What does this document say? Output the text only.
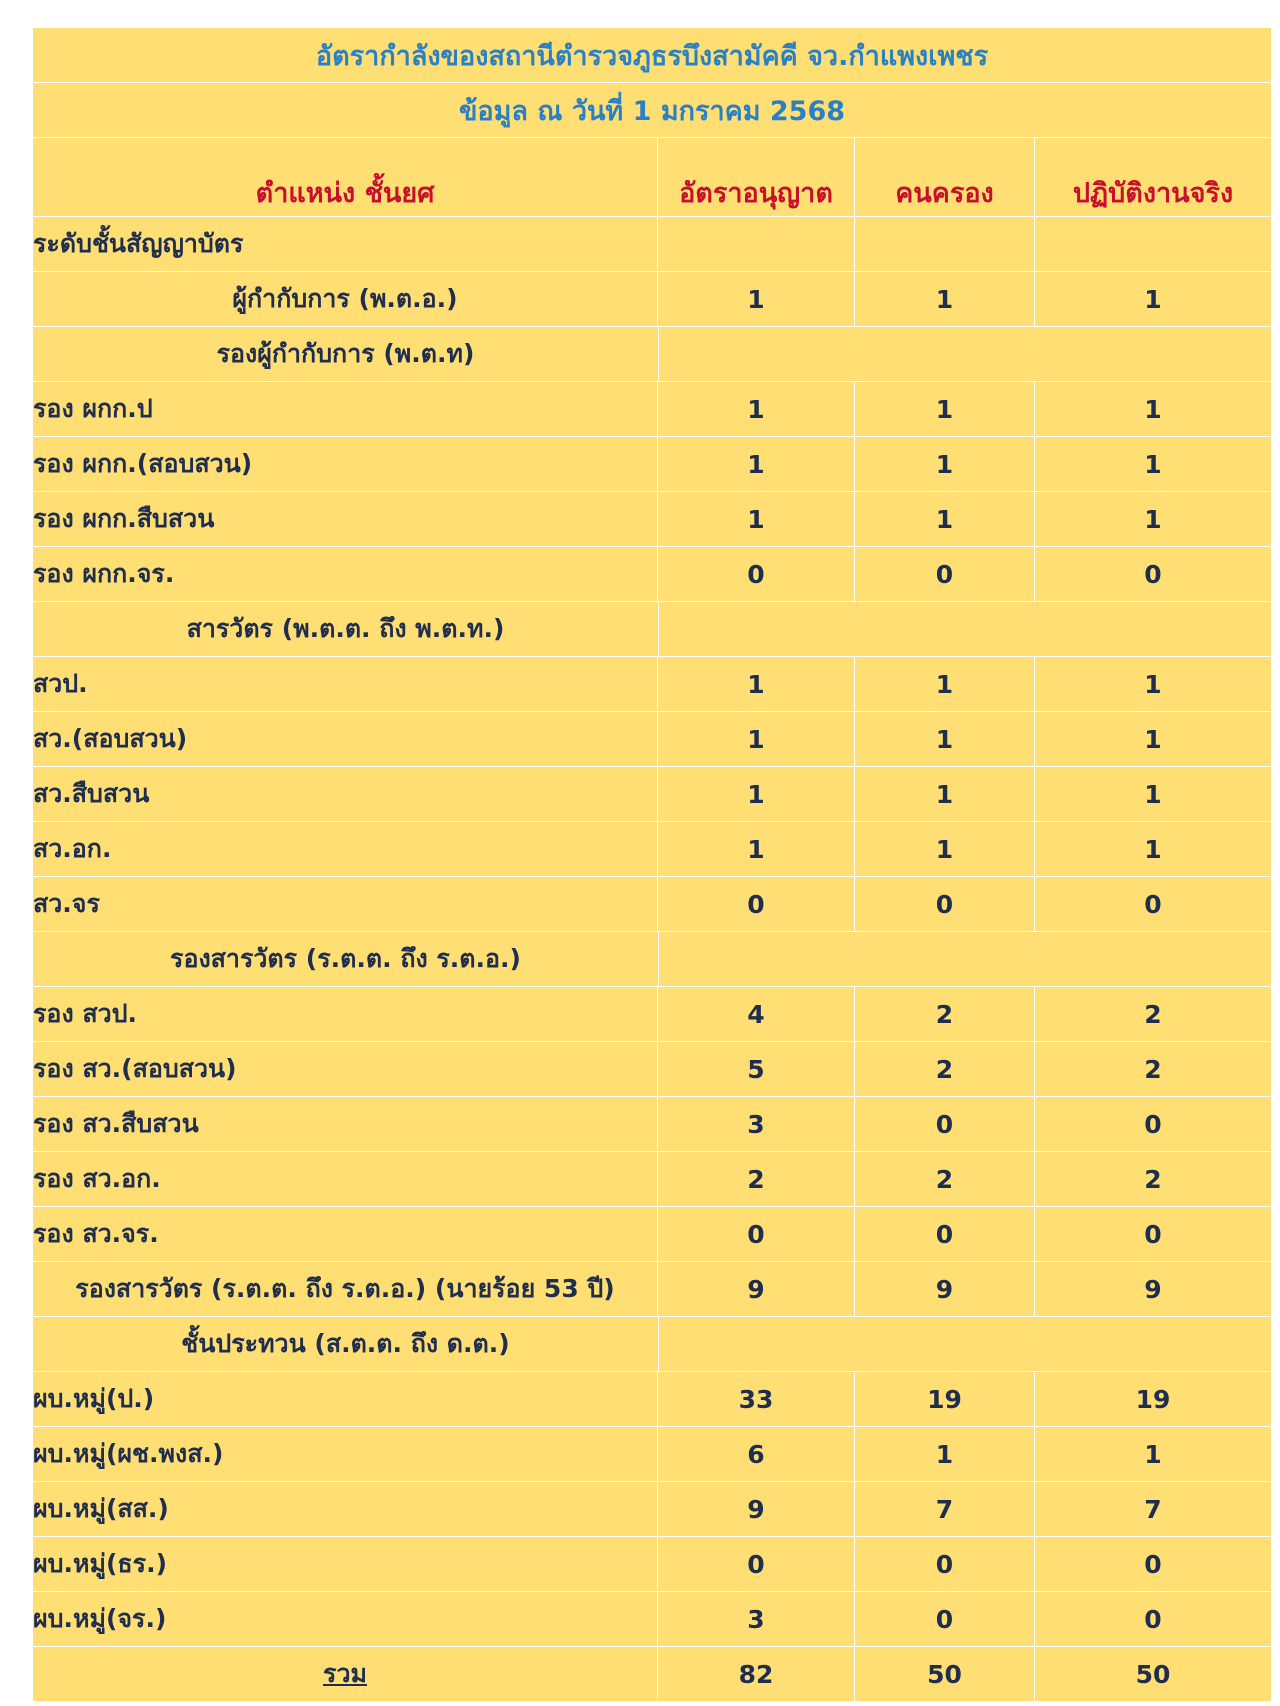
อัตรากำลังของสถานีตำรวจภูธรบึงสามัคคี จว.กำแพงเพชร
ข้อมูล ณ วันที่ 1 มกราคม 2568
ตำแหน่ง ชั้นยศ	อัตราอนุญาต	คนครอง	ปฏิบัติงานจริง
ระดับชั้นสัญญาบัตร
ผู้กำกับการ (พ.ต.อ.)	1	1	1
รองผู้กำกับการ (พ.ต.ท)
รอง ผกก.ป	1	1	1
รอง ผกก.(สอบสวน)	1	1	1
รอง ผกก.สืบสวน	1	1	1
รอง ผกก.จร.	0	0	0
สารวัตร (พ.ต.ต. ถึง พ.ต.ท.)
สวป.	1	1	1
สว.(สอบสวน)	1	1	1
สว.สืบสวน	1	1	1
สว.อก.	1	1	1
สว.จร	0	0	0
รองสารวัตร (ร.ต.ต. ถึง ร.ต.อ.)
รอง สวป.	4	2	2
รอง สว.(สอบสวน)	5	2	2
รอง สว.สืบสวน	3	0	0
รอง สว.อก.	2	2	2
รอง สว.จร.	0	0	0
รองสารวัตร (ร.ต.ต. ถึง ร.ต.อ.) (นายร้อย 53 ปี)	9	9	9
ชั้นประทวน (ส.ต.ต. ถึง ด.ต.)
ผบ.หมู่(ป.)	33	19	19
ผบ.หมู่(ผช.พงส.)	6	1	1
ผบ.หมู่(สส.)	9	7	7
ผบ.หมู่(ธร.)	0	0	0
ผบ.หมู่(จร.)	3	0	0
รวม	82	50	50
